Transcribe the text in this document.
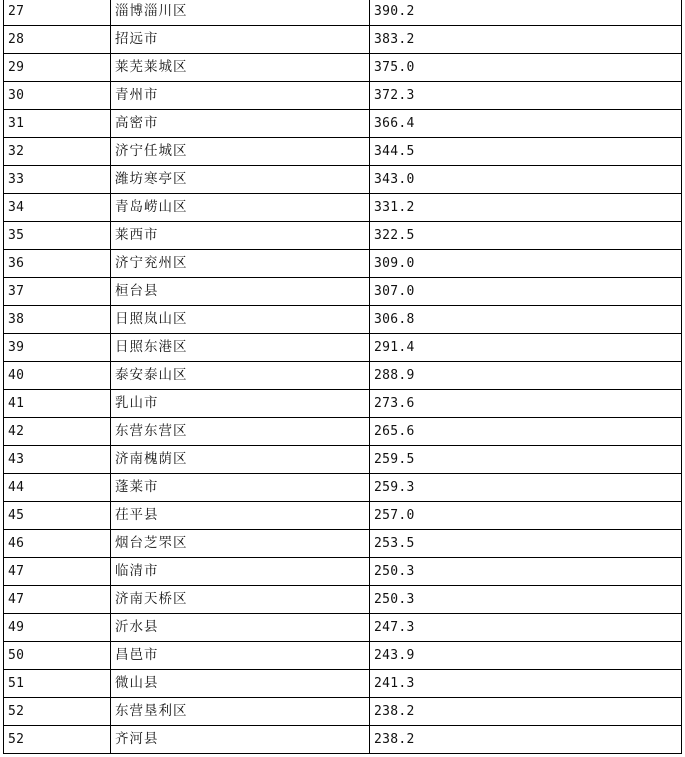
27	淄博淄川区	390.2
28	招远市	383.2
29	莱芜莱城区	375.0
30	青州市	372.3
31	高密市	366.4
32	济宁任城区	344.5
33	潍坊寒亭区	343.0
34	青岛崂山区	331.2
35	莱西市	322.5
36	济宁兖州区	309.0
37	桓台县	307.0
38	日照岚山区	306.8
39	日照东港区	291.4
40	泰安泰山区	288.9
41	乳山市	273.6
42	东营东营区	265.6
43	济南槐荫区	259.5
44	蓬莱市	259.3
45	茌平县	257.0
46	烟台芝罘区	253.5
47	临清市	250.3
47	济南天桥区	250.3
49	沂水县	247.3
50	昌邑市	243.9
51	微山县	241.3
52	东营垦利区	238.2
52	齐河县	238.2
